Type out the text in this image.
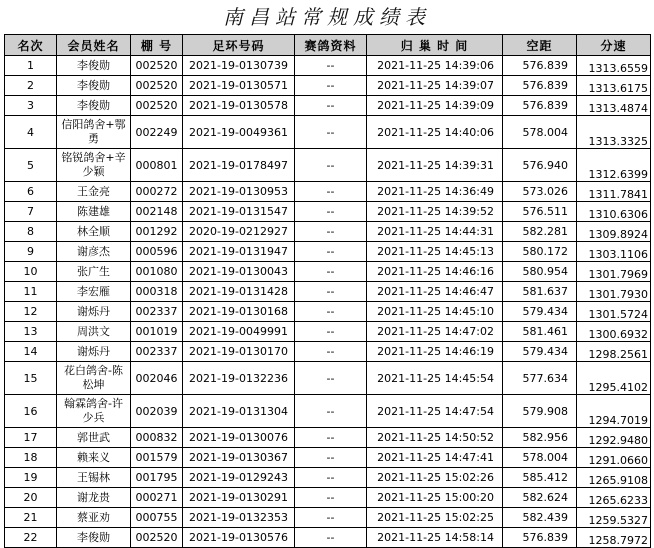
南昌站常规成绩表
名次	会员姓名	棚 号	足环号码	赛鸽资料	归 巢 时 间	空距	分速
1	李俊勋	002520	2021-19-0130739	--	2021-11-25 14:39:06	576.839	1313.6559
2	李俊勋	002520	2021-19-0130571	--	2021-11-25 14:39:07	576.839	1313.6175
3	李俊勋	002520	2021-19-0130578	--	2021-11-25 14:39:09	576.839	1313.4874
4	信阳鸽舍+鄂勇	002249	2021-19-0049361	--	2021-11-25 14:40:06	578.004	1313.3325
5	铭锐鸽舍+辛少颖	000801	2021-19-0178497	--	2021-11-25 14:39:31	576.940	1312.6399
6	王金亮	000272	2021-19-0130953	--	2021-11-25 14:36:49	573.026	1311.7841
7	陈建雄	002148	2021-19-0131547	--	2021-11-25 14:39:52	576.511	1310.6306
8	林全顺	001292	2020-19-0212927	--	2021-11-25 14:44:31	582.281	1309.8924
9	谢彦杰	000596	2021-19-0131947	--	2021-11-25 14:45:13	580.172	1303.1106
10	张广生	001080	2021-19-0130043	--	2021-11-25 14:46:16	580.954	1301.7969
11	李宏雁	000318	2021-19-0131428	--	2021-11-25 14:46:47	581.637	1301.7930
12	谢烁丹	002337	2021-19-0130168	--	2021-11-25 14:45:10	579.434	1301.5724
13	周洪文	001019	2021-19-0049991	--	2021-11-25 14:47:02	581.461	1300.6932
14	谢烁丹	002337	2021-19-0130170	--	2021-11-25 14:46:19	579.434	1298.2561
15	花白鸽舍-陈松坤	002046	2021-19-0132236	--	2021-11-25 14:45:54	577.634	1295.4102
16	翰霖鸽舍-许少兵	002039	2021-19-0131304	--	2021-11-25 14:47:54	579.908	1294.7019
17	郭世武	000832	2021-19-0130076	--	2021-11-25 14:50:52	582.956	1292.9480
18	赖来义	001579	2021-19-0130367	--	2021-11-25 14:47:41	578.004	1291.0660
19	王锡林	001795	2021-19-0129243	--	2021-11-25 15:02:26	585.412	1265.9108
20	谢龙贵	000271	2021-19-0130291	--	2021-11-25 15:00:20	582.624	1265.6233
21	蔡亚劝	000755	2021-19-0132353	--	2021-11-25 15:02:25	582.439	1259.5327
22	李俊勋	002520	2021-19-0130576	--	2021-11-25 14:58:14	576.839	1258.7972
